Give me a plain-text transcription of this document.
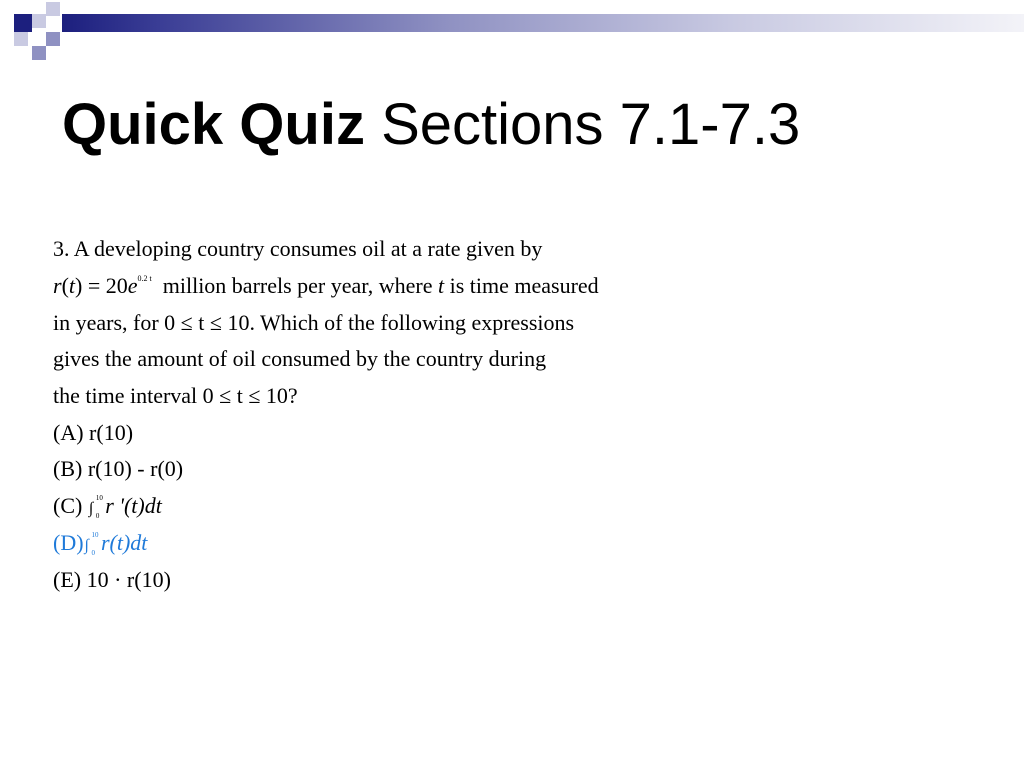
Quick Quiz Sections 7.1-7.3
3. A developing country consumes oil at a rate given by
$r(t) = 20e^{0.2 t}$ million barrels per year, where t is time measured
in years, for 0 ≤ t ≤ 10. Which of the following expressions
gives the amount of oil consumed by the country during
the time interval 0 ≤ t ≤ 10?
(A) r(10)
(B) r(10) - r(0)
(C) ∫
10
0 r '(t)dt
(D)∫
10
0 r(t)dt
(E) 10 · r(10)
